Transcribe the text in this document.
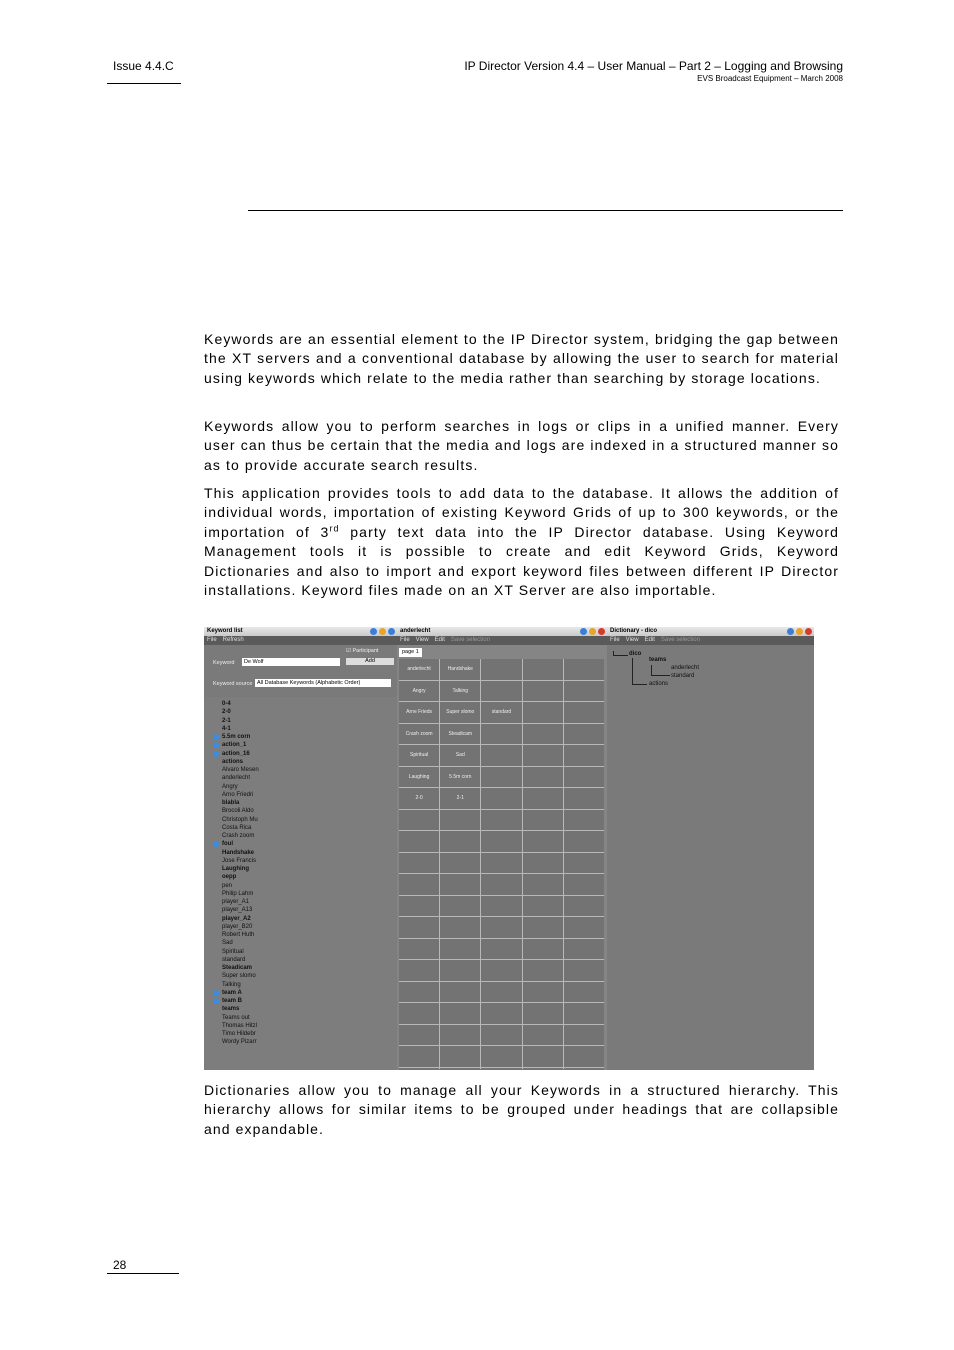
Issue 4.4.C	IP Director Version 4.4 – User Manual – Part 2 – Logging and Browsing
EVS Broadcast Equipment – March 2008

Keywords are an essential element to the IP Director system, bridging the gap between the XT servers and a conventional database by allowing the user to search for material using keywords which relate to the media rather than searching by storage locations.

Keywords allow you to perform searches in logs or clips in a unified manner. Every user can thus be certain that the media and logs are indexed in a structured manner so as to provide accurate search results.

This application provides tools to add data to the database. It allows the addition of individual words, importation of existing Keyword Grids of up to 300 keywords, or the importation of 3rd party text data into the IP Director database. Using Keyword Management tools it is possible to create and edit Keyword Grids, Keyword Dictionaries and also to import and export keyword files between different IP Director installations. Keyword files made on an XT Server are also importable.

Keyword list
File Refresh
☑ Participant
Keyword	De Wolf	Add
Keyword source All Database Keywords (Alphabetic Order)
0-4
2-0
2-1
4-1
5.5m corn
action_1
action_16
actions
Alvaro Mesen
anderlecht
Angry
Arno Friedri
blabla
Brocoli Aldo
Christoph Mu
Costa Rica
Crash zoom
foul
Handshake
Jose Francis
Laughing
oepp
pen
Philip Lahm
player_A1
player_A13
player_A2
player_B20
Robert Huth
Sad
Spiritual
standard
Steadicam
Super slomo
Talking
team A
team B
teams
Teams out
Thomas Hitzl
Timo Hildebr
Wordy Pizarr
anderlecht
File View Edit Save selection
page 1
anderlecht	Handshake
Angry	Talking
Arne Frieds	Super slomo	standard
Crash zoom	Steadicam
Spiritual	Sad
Laughing	5.5m corn
2-0	2-1
Dictionary - dico
File View Edit Save selection
dico
teams
anderlecht
standard
actions

Dictionaries allow you to manage all your Keywords in a structured hierarchy. This hierarchy allows for similar items to be grouped under headings that are collapsible and expandable.

28
